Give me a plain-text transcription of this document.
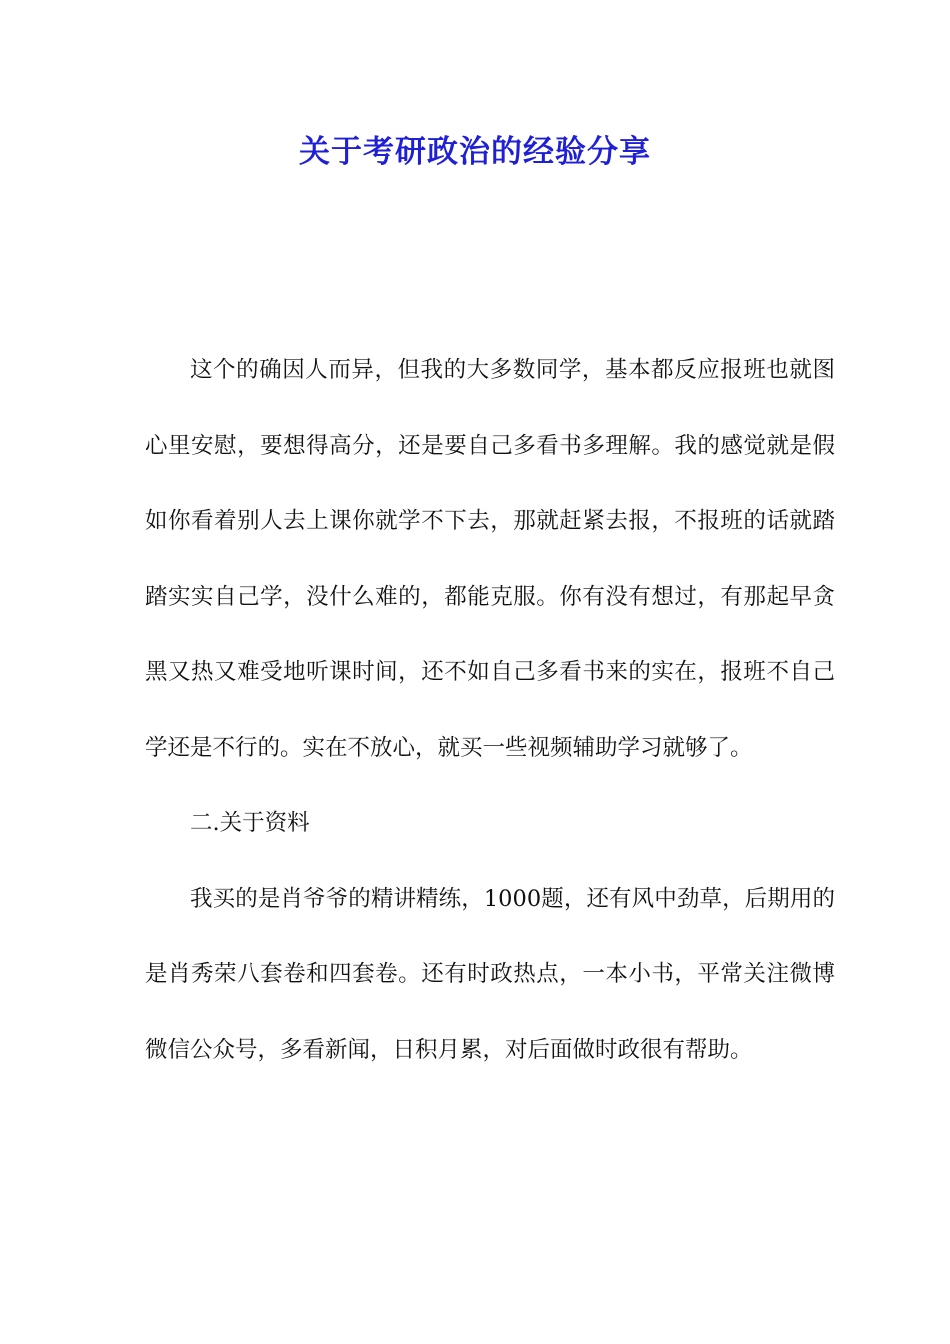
关于考研政治的经验分享

这个的确因人而异，但我的大多数同学，基本都反应报班也就图心里安慰，要想得高分，还是要自己多看书多理解。我的感觉就是假如你看着别人去上课你就学不下去，那就赶紧去报，不报班的话就踏踏实实自己学，没什么难的，都能克服。你有没有想过，有那起早贪黑又热又难受地听课时间，还不如自己多看书来的实在，报班不自己学还是不行的。实在不放心，就买一些视频辅助学习就够了。

二.关于资料

我买的是肖爷爷的精讲精练，1000题，还有风中劲草，后期用的是肖秀荣八套卷和四套卷。还有时政热点，一本小书，平常关注微博微信公众号，多看新闻，日积月累，对后面做时政很有帮助。
